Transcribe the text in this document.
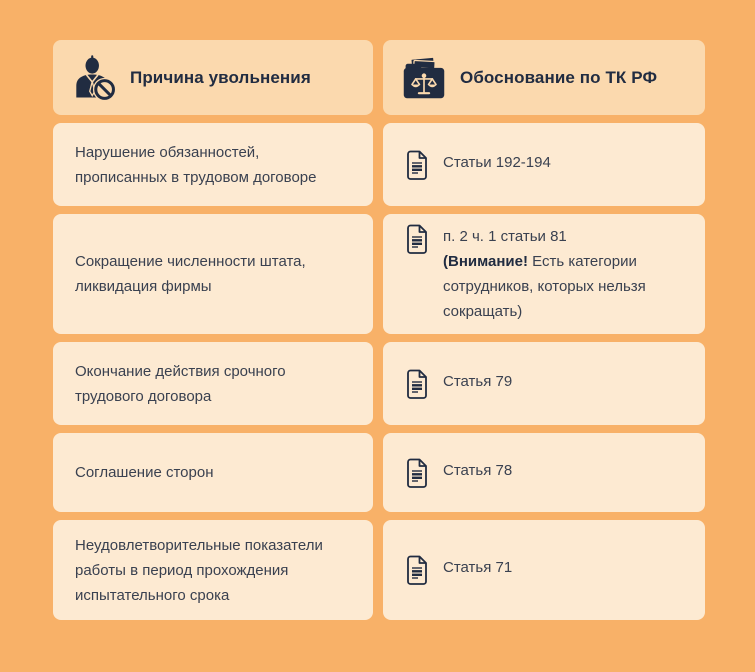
Причина увольнения	Обоснование по ТК РФ
Нарушение обязанностей, прописанных в трудовом договоре
Статьи 192-194
Сокращение численности штата, ликвидация фирмы
п. 2 ч. 1 статьи 81
(Внимание! Есть категории сотрудников, которых нельзя сокращать)
Окончание действия срочного трудового договора
Статья 79
Соглашение сторон	Статья 78
Неудовлетворительные показатели работы в период прохождения испытательного срока
Статья 71
